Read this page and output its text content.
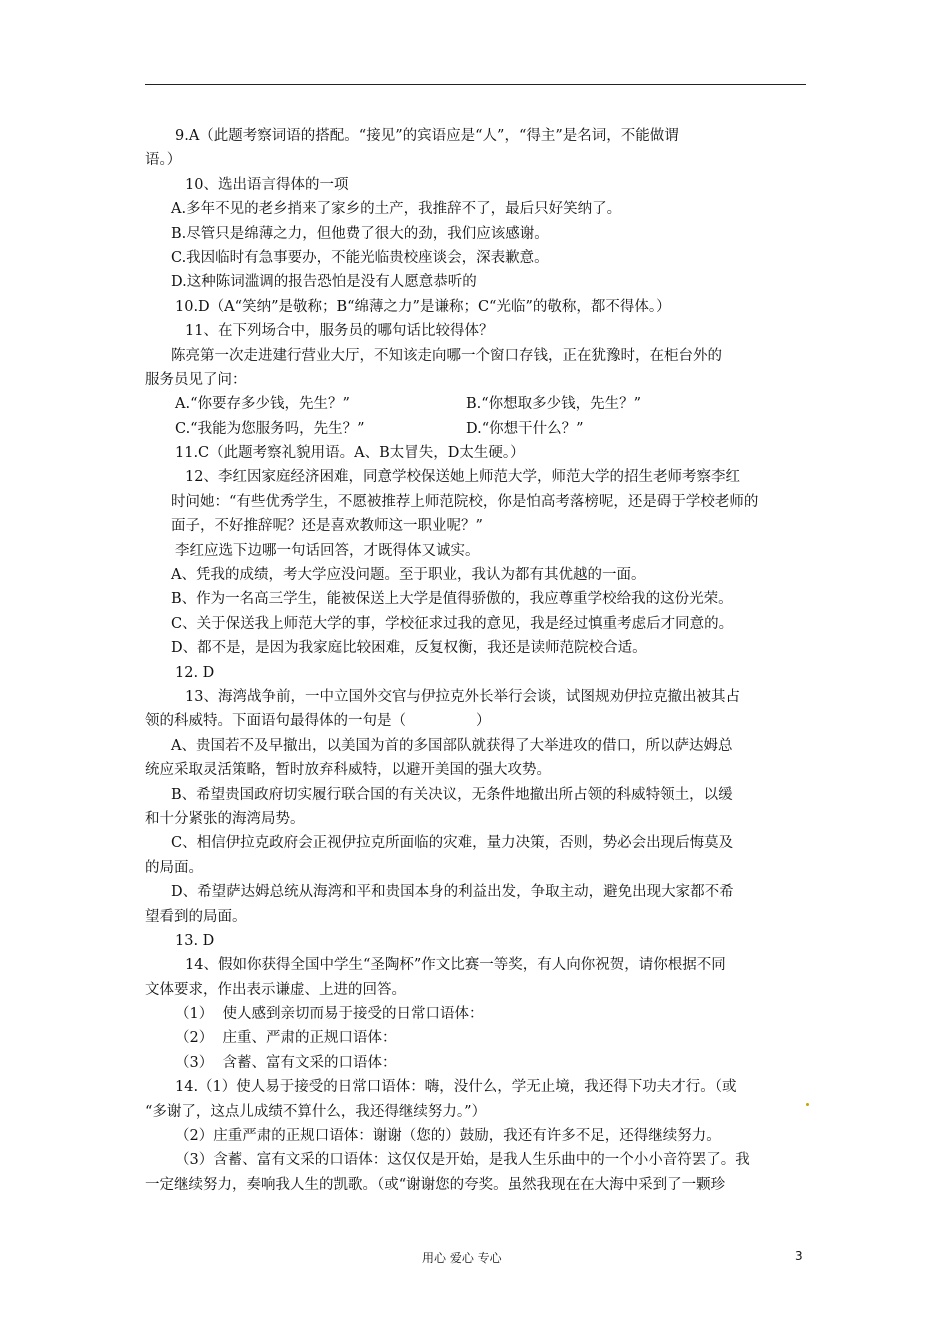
9.A（此题考察词语的搭配。“接见”的宾语应是“人”，“得主”是名词，不能做谓
语。）
10、选出语言得体的一项
A.多年不见的老乡捎来了家乡的土产，我推辞不了，最后只好笑纳了。
B.尽管只是绵薄之力，但他费了很大的劲，我们应该感谢。
C.我因临时有急事要办，不能光临贵校座谈会，深表歉意。
D.这种陈词滥调的报告恐怕是没有人愿意恭听的
10.D（A“笑纳”是敬称；B“绵薄之力”是谦称；C“光临”的敬称，都不得体。）
11、在下列场合中，服务员的哪句话比较得体？
陈亮第一次走进建行营业大厅，不知该走向哪一个窗口存钱，正在犹豫时，在柜台外的
服务员见了问：
A.“你要存多少钱，先生？”	B.“你想取多少钱，先生？”
C.“我能为您服务吗，先生？”	D.“你想干什么？”
11.C（此题考察礼貌用语。A、B太冒失，D太生硬。）
12、李红因家庭经济困难，同意学校保送她上师范大学，师范大学的招生老师考察李红
时问她：“有些优秀学生，不愿被推荐上师范院校，你是怕高考落榜呢，还是碍于学校老师的
面子，不好推辞呢？还是喜欢教师这一职业呢？”
李红应选下边哪一句话回答，才既得体又诚实。
A、凭我的成绩，考大学应没问题。至于职业，我认为都有其优越的一面。
B、作为一名高三学生，能被保送上大学是值得骄傲的，我应尊重学校给我的这份光荣。
C、关于保送我上师范大学的事，学校征求过我的意见，我是经过慎重考虑后才同意的。
D、都不是，是因为我家庭比较困难，反复权衡，我还是读师范院校合适。
12. D
13、海湾战争前，一中立国外交官与伊拉克外长举行会谈，试图规劝伊拉克撤出被其占
领的科威特。下面语句最得体的一句是（	）
A、贵国若不及早撤出，以美国为首的多国部队就获得了大举进攻的借口，所以萨达姆总
统应采取灵活策略，暂时放弃科威特，以避开美国的强大攻势。
B、希望贵国政府切实履行联合国的有关决议，无条件地撤出所占领的科威特领土，以缓
和十分紧张的海湾局势。
C、相信伊拉克政府会正视伊拉克所面临的灾难，量力决策，否则，势必会出现后悔莫及
的局面。
D、希望萨达姆总统从海湾和平和贵国本身的利益出发，争取主动，避免出现大家都不希
望看到的局面。
13. D
14、假如你获得全国中学生“圣陶杯”作文比赛一等奖，有人向你祝贺，请你根据不同
文体要求，作出表示谦虚、上进的回答。
（1）  使人感到亲切而易于接受的日常口语体：
（2）  庄重、严肃的正规口语体：
（3）  含蓄、富有文采的口语体：
14.（1）使人易于接受的日常口语体：嗨，没什么，学无止境，我还得下功夫才行。（或
“多谢了，这点儿成绩不算什么，我还得继续努力。”）
（2）庄重严肃的正规口语体：谢谢（您的）鼓励，我还有许多不足，还得继续努力。
（3）含蓄、富有文采的口语体：这仅仅是开始，是我人生乐曲中的一个小小音符罢了。我
一定继续努力，奏响我人生的凯歌。（或“谢谢您的夸奖。虽然我现在在大海中采到了一颗珍
用心 爱心 专心	3
